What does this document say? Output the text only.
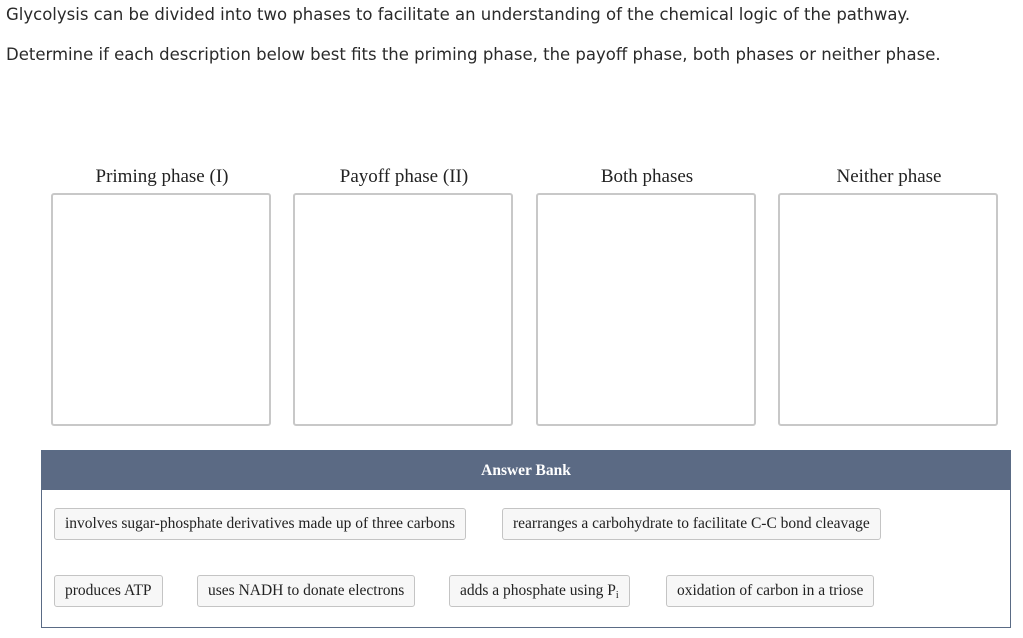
Glycolysis can be divided into two phases to facilitate an understanding of the chemical logic of the pathway.

Determine if each description below best fits the priming phase, the payoff phase, both phases or neither phase.

Priming phase (I)	Payoff phase (II)	Both phases	Neither phase
Answer Bank
involves sugar-phosphate derivatives made up of three carbons	rearranges a carbohydrate to facilitate C-C bond cleavage
produces ATP	uses NADH to donate electrons	adds a phosphate using $P_i$	oxidation of carbon in a triose
